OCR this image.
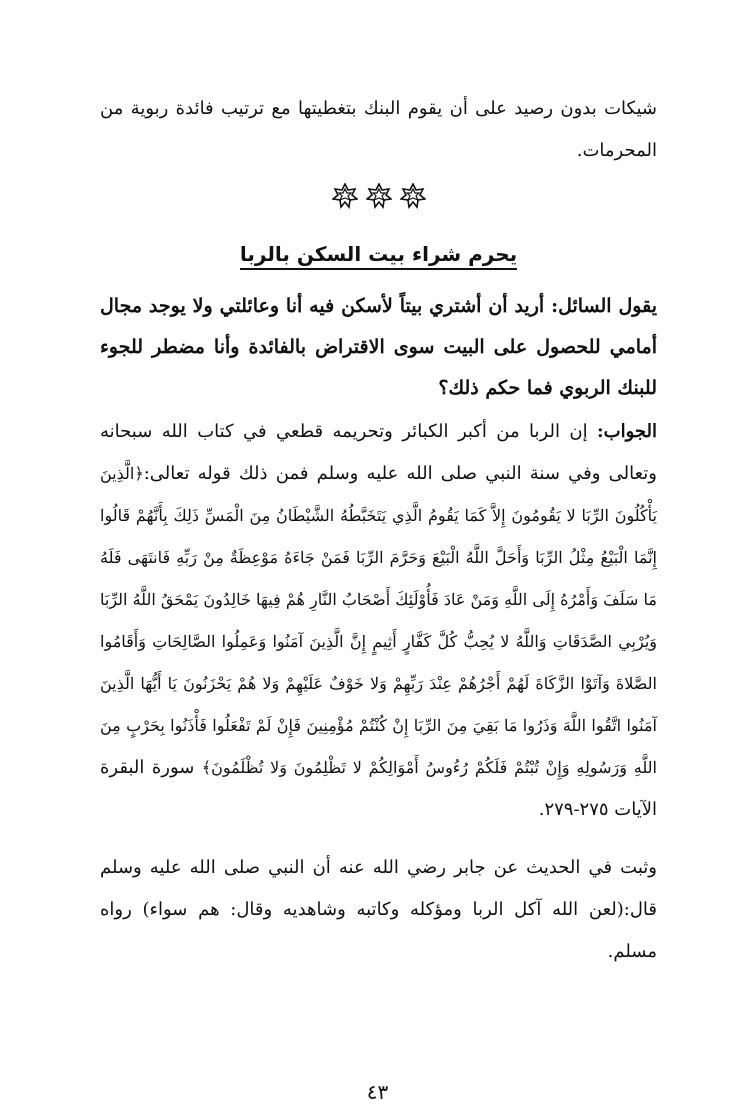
شيكات بدون رصيد على أن يقوم البنك بتغطيتها مع ترتيب فائدة ربوية من المحرمات.

يحرم شراء بيت السكن بالربا

يقول السائل: أريد أن أشتري بيتاً لأسكن فيه أنا وعائلتي ولا يوجد مجال أمامي للحصول على البيت سوى الاقتراض بالفائدة وأنا مضطر للجوء للبنك الربوي فما حكم ذلك؟

الجواب: إن الربا من أكبر الكبائر وتحريمه قطعي في كتاب الله سبحانه وتعالى وفي سنة النبي صلى الله عليه وسلم فمن ذلك قوله تعالى:﴿الَّذِينَ يَأْكُلُونَ الرِّبَا لا يَقُومُونَ إِلاَّ كَمَا يَقُومُ الَّذِي يَتَخَبَّطُهُ الشَّيْطَانُ مِنَ الْمَسِّ ذَلِكَ بِأَنَّهُمْ قَالُوا إِنَّمَا الْبَيْعُ مِثْلُ الرِّبَا وَأَحَلَّ اللَّهُ الْبَيْعَ وَحَرَّمَ الرِّبَا فَمَنْ جَاءَهُ مَوْعِظَةٌ مِنْ رَبِّهِ فَانتَهَى فَلَهُ مَا سَلَفَ وَأَمْرُهُ إِلَى اللَّهِ وَمَنْ عَادَ فَأُوْلَئِكَ أَصْحَابُ النَّارِ هُمْ فِيهَا خَالِدُونَ يَمْحَقُ اللَّهُ الرِّبَا وَيُرْبِي الصَّدَقَاتِ وَاللَّهُ لا يُحِبُّ كُلَّ كَفَّارٍ أَثِيمٍ إِنَّ الَّذِينَ آمَنُوا وَعَمِلُوا الصَّالِحَاتِ وَأَقَامُوا الصَّلاةَ وَآتَوْا الزَّكَاةَ لَهُمْ أَجْرُهُمْ عِنْدَ رَبِّهِمْ وَلا خَوْفٌ عَلَيْهِمْ وَلا هُمْ يَحْزَنُونَ يَا أَيُّهَا الَّذِينَ آمَنُوا اتَّقُوا اللَّهَ وَذَرُوا مَا بَقِيَ مِنَ الرِّبَا إِنْ كُنْتُمْ مُؤْمِنِينَ فَإِنْ لَمْ تَفْعَلُوا فَأْذَنُوا بِحَرْبٍ مِنَ اللَّهِ وَرَسُولِهِ وَإِنْ تُبْتُمْ فَلَكُمْ رُءُوسُ أَمْوَالِكُمْ لا تَظْلِمُونَ وَلا تُظْلَمُونَ﴾ سورة البقرة الآيات ٢٧٥-٢٧٩.

وثبت في الحديث عن جابر رضي الله عنه أن النبي صلى الله عليه وسلم قال:(لعن الله آكل الربا ومؤكله وكاتبه وشاهديه وقال: هم سواء) رواه مسلم.

٤٣
